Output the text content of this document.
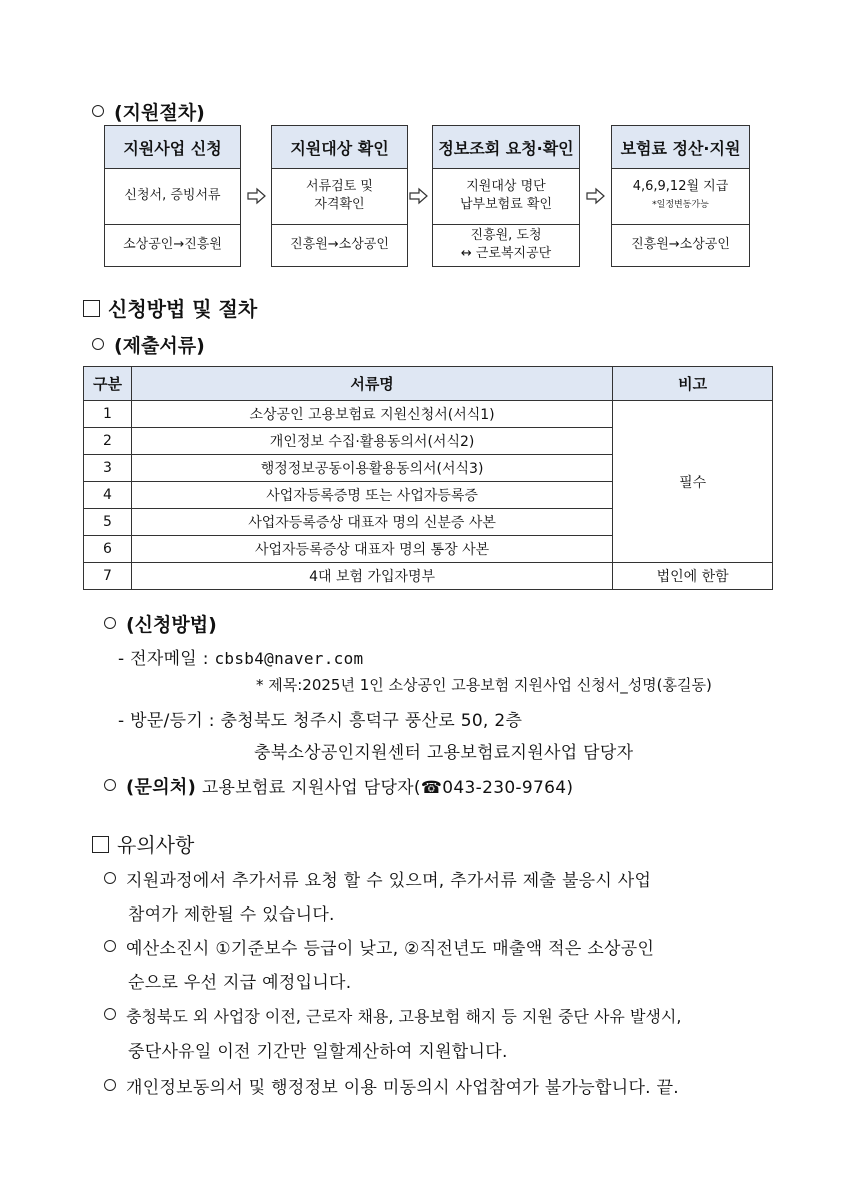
(지원절차)
지원사업 신청
신청서, 증빙서류
소상공인→진흥원
지원대상 확인
서류검토 및
자격확인
진흥원→소상공인
정보조회 요청·확인
지원대상 명단
납부보험료 확인
진흥원, 도청
↔ 근로복지공단
보험료 정산·지원
4,6,9,12월 지급
*일정변동가능
진흥원→소상공인
신청방법 및 절차
(제출서류)
구분	서류명	비고
1	소상공인 고용보험료 지원신청서(서식1)	필수
2	개인정보 수집·활용동의서(서식2)	
3	행정정보공동이용활용동의서(서식3)	
4	사업자등록증명 또는 사업자등록증	
5	사업자등록증상 대표자 명의 신분증 사본	
6	사업자등록증상 대표자 명의 통장 사본	
7	4대 보험 가입자명부	법인에 한함
(신청방법)
- 전자메일 : cbsb4@naver.com
* 제목:2025년 1인 소상공인 고용보험 지원사업 신청서_성명(홍길동)
- 방문/등기 : 충청북도 청주시 흥덕구 풍산로 50, 2층
충북소상공인지원센터 고용보험료지원사업 담당자
(문의처) 고용보험료 지원사업 담당자(☎043-230-9764)
유의사항
지원과정에서 추가서류 요청 할 수 있으며, 추가서류 제출 불응시 사업
참여가 제한될 수 있습니다.
예산소진시 ①기준보수 등급이 낮고, ②직전년도 매출액 적은 소상공인
순으로 우선 지급 예정입니다.
충청북도 외 사업장 이전, 근로자 채용, 고용보험 해지 등 지원 중단 사유 발생시,
중단사유일 이전 기간만 일할계산하여 지원합니다.
개인정보동의서 및 행정정보 이용 미동의시 사업참여가 불가능합니다. 끝.
